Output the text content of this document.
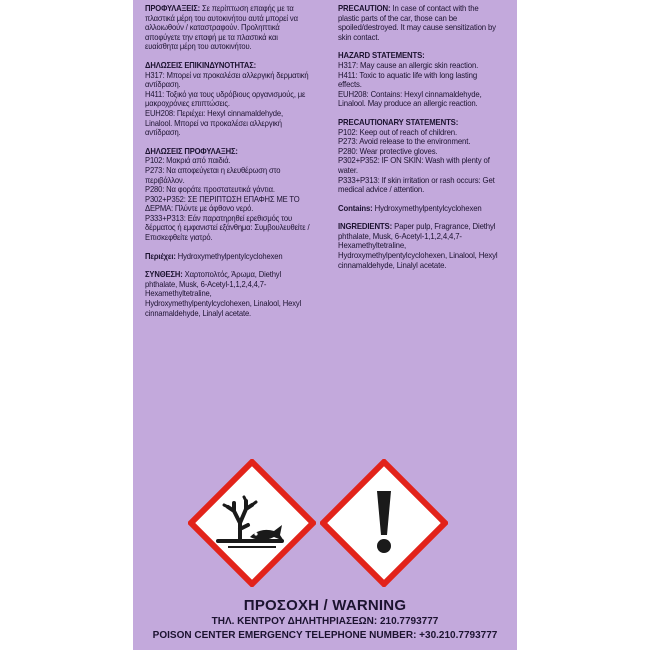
ΠΡΟΦΥΛΑΞΕΙΣ: Σε περίπτωση επαφής με τα πλαστικά μέρη του αυτοκινήτου αυτά μπορεί να αλλοιωθούν / καταστραφούν. Προληπτικά αποφύγετε την επαφή με τα πλαστικά και ευαίσθητα μέρη του αυτοκινήτου.

ΔΗΛΩΣΕΙΣ ΕΠΙΚΙΝΔΥΝΟΤΗΤΑΣ:

H317: Μπορεί να προκαλέσει αλλεργική δερματική αντίδραση.
H411: Τοξικό για τους υδρόβιους οργανισμούς, με μακροχρόνιες επιπτώσεις.
EUH208: Περιέχει: Hexyl cinnamaldehyde, Linalool. Μπορεί να προκαλέσει αλλεργική αντίδραση.

ΔΗΛΩΣΕΙΣ ΠΡΟΦΥΛΑΞΗΣ:

P102: Μακριά από παιδιά.
P273: Να αποφεύγεται η ελευθέρωση στο περιβάλλον.
P280: Να φοράτε προστατευτικά γάντια.
P302+P352: ΣΕ ΠΕΡΙΠΤΩΣΗ ΕΠΑΦΗΣ ΜΕ ΤΟ ΔΕΡΜΑ: Πλύντε με άφθονο νερό.
P333+P313: Εάν παρατηρηθεί ερεθισμός του δέρματος ή εμφανιστεί εξάνθημα: Συμβουλευθείτε / Επισκεφθείτε γιατρό.

Περιέχει: Hydroxymethylpentylcyclohexen

ΣΥΝΘΕΣΗ: Χαρτοπολτός, Άρωμα, Diethyl phthalate, Musk, 6-Acetyl-1,1,2,4,4,7-Hexamethyltetraline, Hydroxymethylpentylcyclohexen, Linalool, Hexyl cinnamaldehyde, Linalyl acetate.

PRECAUTION: In case of contact with the plastic parts of the car, those can be spoiled/destroyed. It may cause sensitization by skin contact.

HAZARD STATEMENTS:

H317: May cause an allergic skin reaction.
H411: Toxic to aquatic life with long lasting effects.
EUH208: Contains: Hexyl cinnamaldehyde, Linalool. May produce an allergic reaction.

PRECAUTIONARY STATEMENTS:

P102: Keep out of reach of children.
P273: Avoid release to the environment.
P280: Wear protective gloves.
P302+P352: IF ON SKIN: Wash with plenty of water.
P333+P313: If skin irritation or rash occurs: Get medical advice / attention.

Contains: Hydroxymethylpentylcyclohexen

INGREDIENTS: Paper pulp, Fragrance, Diethyl phthalate, Musk, 6-Acetyl-1,1,2,4,4,7-Hexamethyltetraline, Hydroxymethylpentylcyclohexen, Linalool, Hexyl cinnamaldehyde, Linalyl acetate.

ΠΡΟΣΟΧΗ / WARNING
ΤΗΛ. ΚΕΝΤΡΟΥ ΔΗΛΗΤΗΡΙΑΣΕΩΝ: 210.7793777
POISON CENTER EMERGENCY TELEPHONE NUMBER: +30.210.7793777
